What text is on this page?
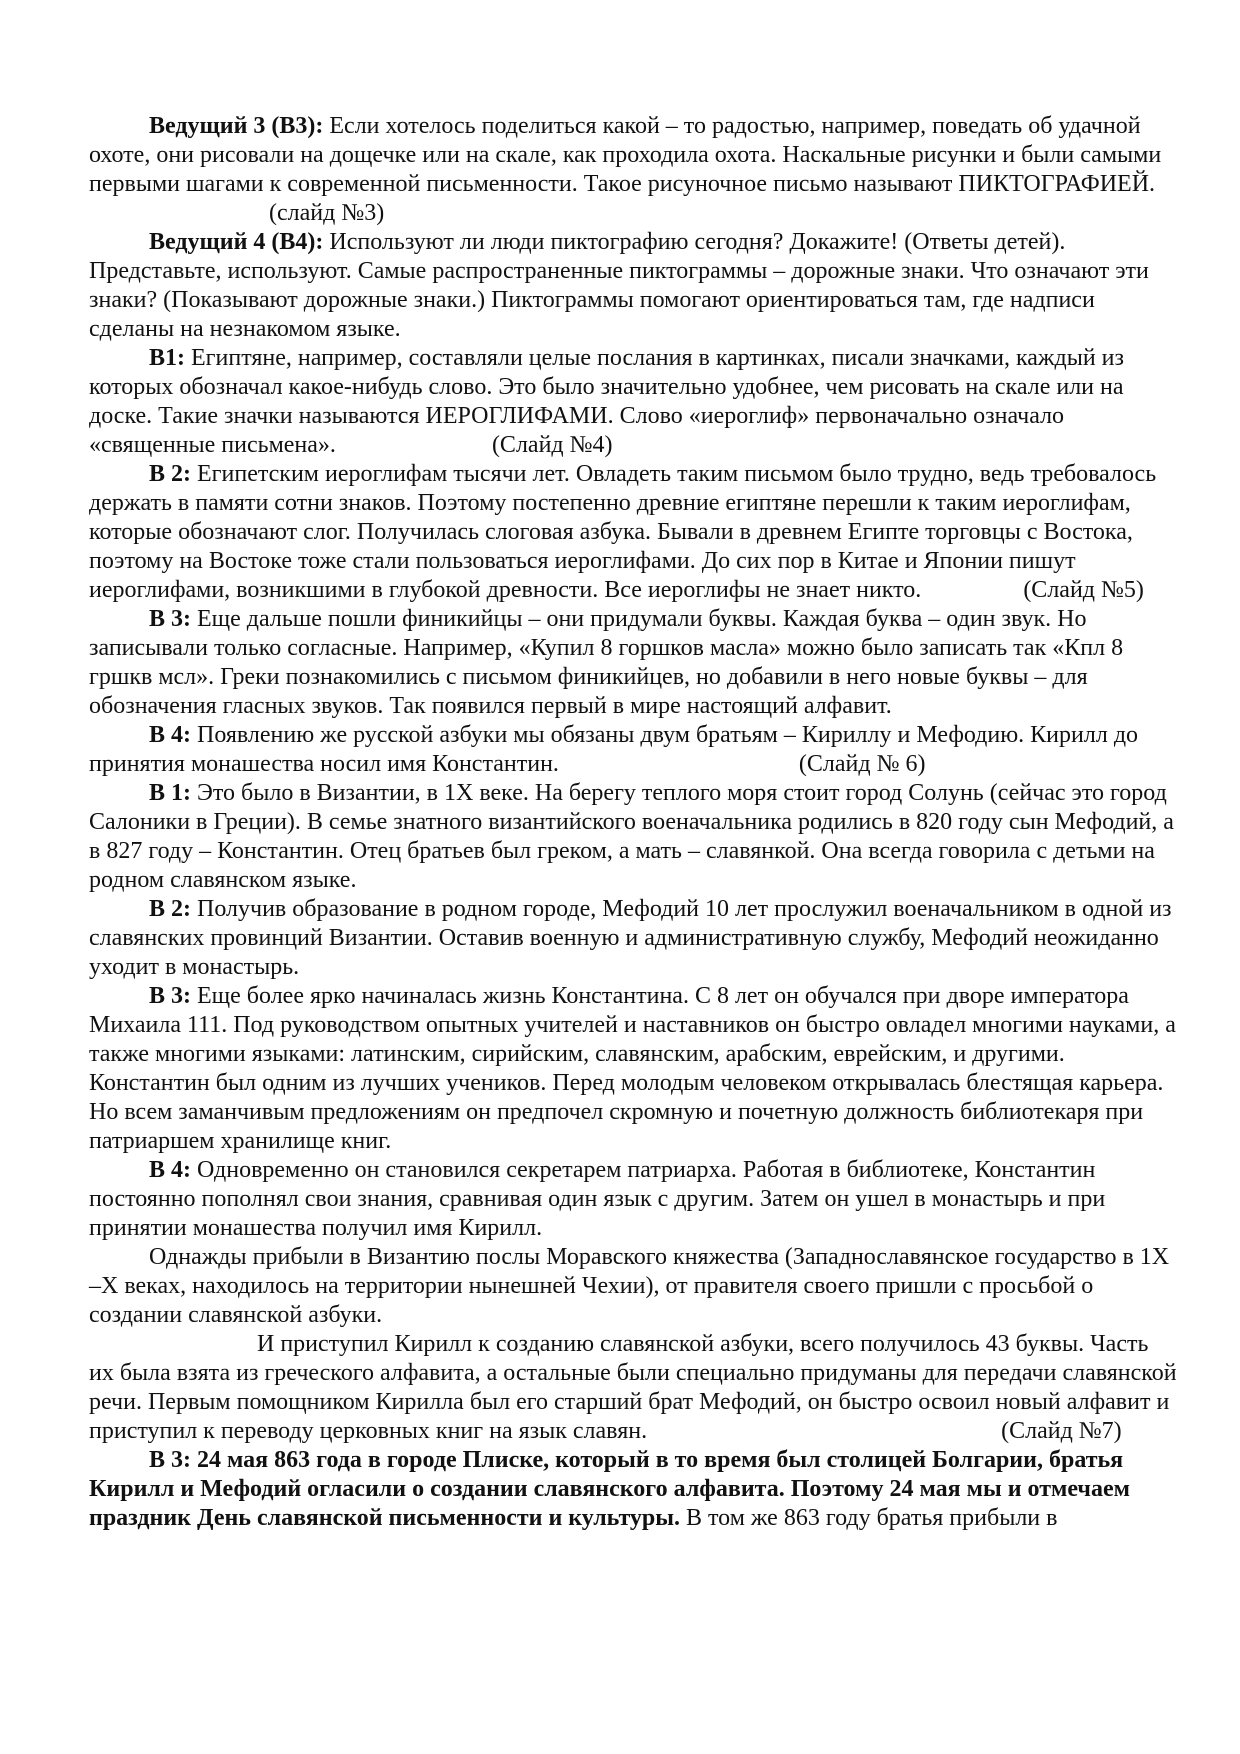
Ведущий 3 (В3): Если хотелось поделиться какой – то радостью, например, поведать об удачной охоте, они рисовали на дощечке или на скале, как проходила охота. Наскальные рисунки и были самыми первыми шагами к современной письменности. Такое рисуночное письмо называют ПИКТОГРАФИЕЙ.                              (слайд №3)

Ведущий 4 (В4): Используют ли люди пиктографию сегодня? Докажите! (Ответы детей). Представьте, используют. Самые распространенные пиктограммы – дорожные знаки. Что означают эти знаки? (Показывают дорожные знаки.) Пиктограммы помогают ориентироваться там, где надписи сделаны на незнакомом языке.

В1: Египтяне, например, составляли целые послания в картинках, писали значками, каждый из которых обозначал какое-нибудь слово. Это было значительно удобнее, чем рисовать на скале или на доске. Такие значки называются ИЕРОГЛИФАМИ. Слово «иероглиф» первоначально означало «священные письмена».                          (Слайд №4)

В 2: Египетским иероглифам тысячи лет. Овладеть таким письмом было трудно, ведь требовалось держать в памяти сотни знаков. Поэтому постепенно древние египтяне перешли к таким иероглифам, которые обозначают слог. Получилась слоговая азбука. Бывали в древнем Египте торговцы с Востока, поэтому на Востоке тоже стали пользоваться иероглифами. До сих пор в Китае и Японии пишут иероглифами, возникшими в глубокой древности. Все иероглифы не знает никто.                 (Слайд №5)

В 3: Еще дальше пошли финикийцы – они придумали буквы. Каждая буква – один звук. Но записывали только согласные. Например, «Купил 8 горшков масла» можно было записать так «Кпл 8 гршкв мсл». Греки познакомились с письмом финикийцев, но добавили в него новые буквы – для обозначения гласных звуков. Так появился первый в мире настоящий алфавит.

В 4: Появлению же русской азбуки мы обязаны двум братьям – Кириллу и Мефодию. Кирилл до принятия монашества носил имя Константин.                                        (Слайд № 6)

В 1: Это было в Византии, в 1Х веке. На берегу теплого моря стоит город Солунь (сейчас это город Салоники в Греции). В семье знатного византийского военачальника родились в 820 году сын Мефодий, а в 827 году – Константин. Отец братьев был греком, а мать – славянкой. Она всегда говорила с детьми на родном славянском языке.

В 2: Получив образование в родном городе, Мефодий 10 лет прослужил военачальником в одной из славянских провинций Византии. Оставив военную и административную службу, Мефодий неожиданно уходит в монастырь.

В 3: Еще более ярко начиналась жизнь Константина. С 8 лет он обучался при дворе императора Михаила 111. Под руководством опытных учителей и наставников он быстро овладел многими науками, а также многими языками: латинским, сирийским, славянским, арабским, еврейским, и другими. Константин был одним из лучших учеников. Перед молодым человеком открывалась блестящая карьера. Но всем заманчивым предложениям он предпочел скромную и почетную должность библиотекаря при патриаршем хранилище книг.

В 4: Одновременно он становился секретарем патриарха. Работая в библиотеке, Константин постоянно пополнял свои знания, сравнивая один язык с другим. Затем он ушел в монастырь и при принятии монашества получил имя Кирилл.

Однажды прибыли в Византию послы Моравского княжества (Западнославянское государство в 1Х –Х веках, находилось на территории нынешней Чехии), от правителя своего пришли с просьбой о создании славянской азбуки.

И приступил Кирилл к созданию славянской азбуки, всего получилось 43 буквы. Часть их была взята из греческого алфавита, а остальные были специально придуманы для передачи славянской речи. Первым помощником Кирилла был его старший брат Мефодий, он быстро освоил новый алфавит и приступил к переводу церковных книг на язык славян.                                                           (Слайд №7)

В 3: 24 мая 863 года в городе Плиске, который в то время был столицей Болгарии, братья Кирилл и Мефодий огласили о создании славянского алфавита. Поэтому 24 мая мы и отмечаем праздник День славянской письменности и культуры. В том же 863 году братья прибыли в
